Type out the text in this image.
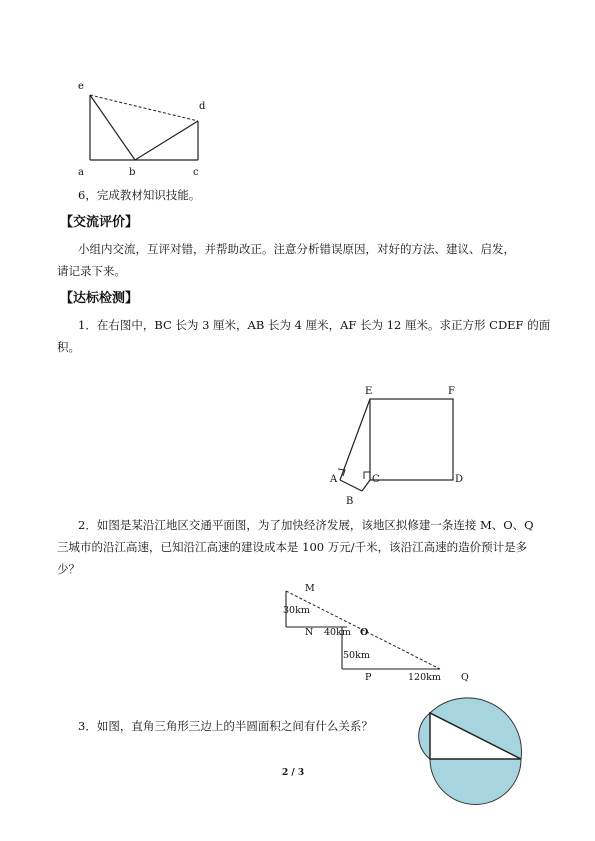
e
d
a	b	c
6，完成教材知识技能。
【交流评价】
小组内交流，互评对错，并帮助改正。注意分析错误原因，对好的方法、建议、启发，
请记录下来。
【达标检测】
1．在右图中，BC 长为 3 厘米，AB 长为 4 厘米，AF 长为 12 厘米。求正方形 CDEF 的面
积。
E	F
A	C	D
B
2．如图是某沿江地区交通平面图，为了加快经济发展，该地区拟修建一条连接 M、O、Q
三城市的沿江高速，已知沿江高速的建设成本是 100 万元/千米，该沿江高速的造价预计是多
少？
M
30km
N 40km O
50km
P	120km Q
3．如图，直角三角形三边上的半圆面积之间有什么关系？
2 / 3
